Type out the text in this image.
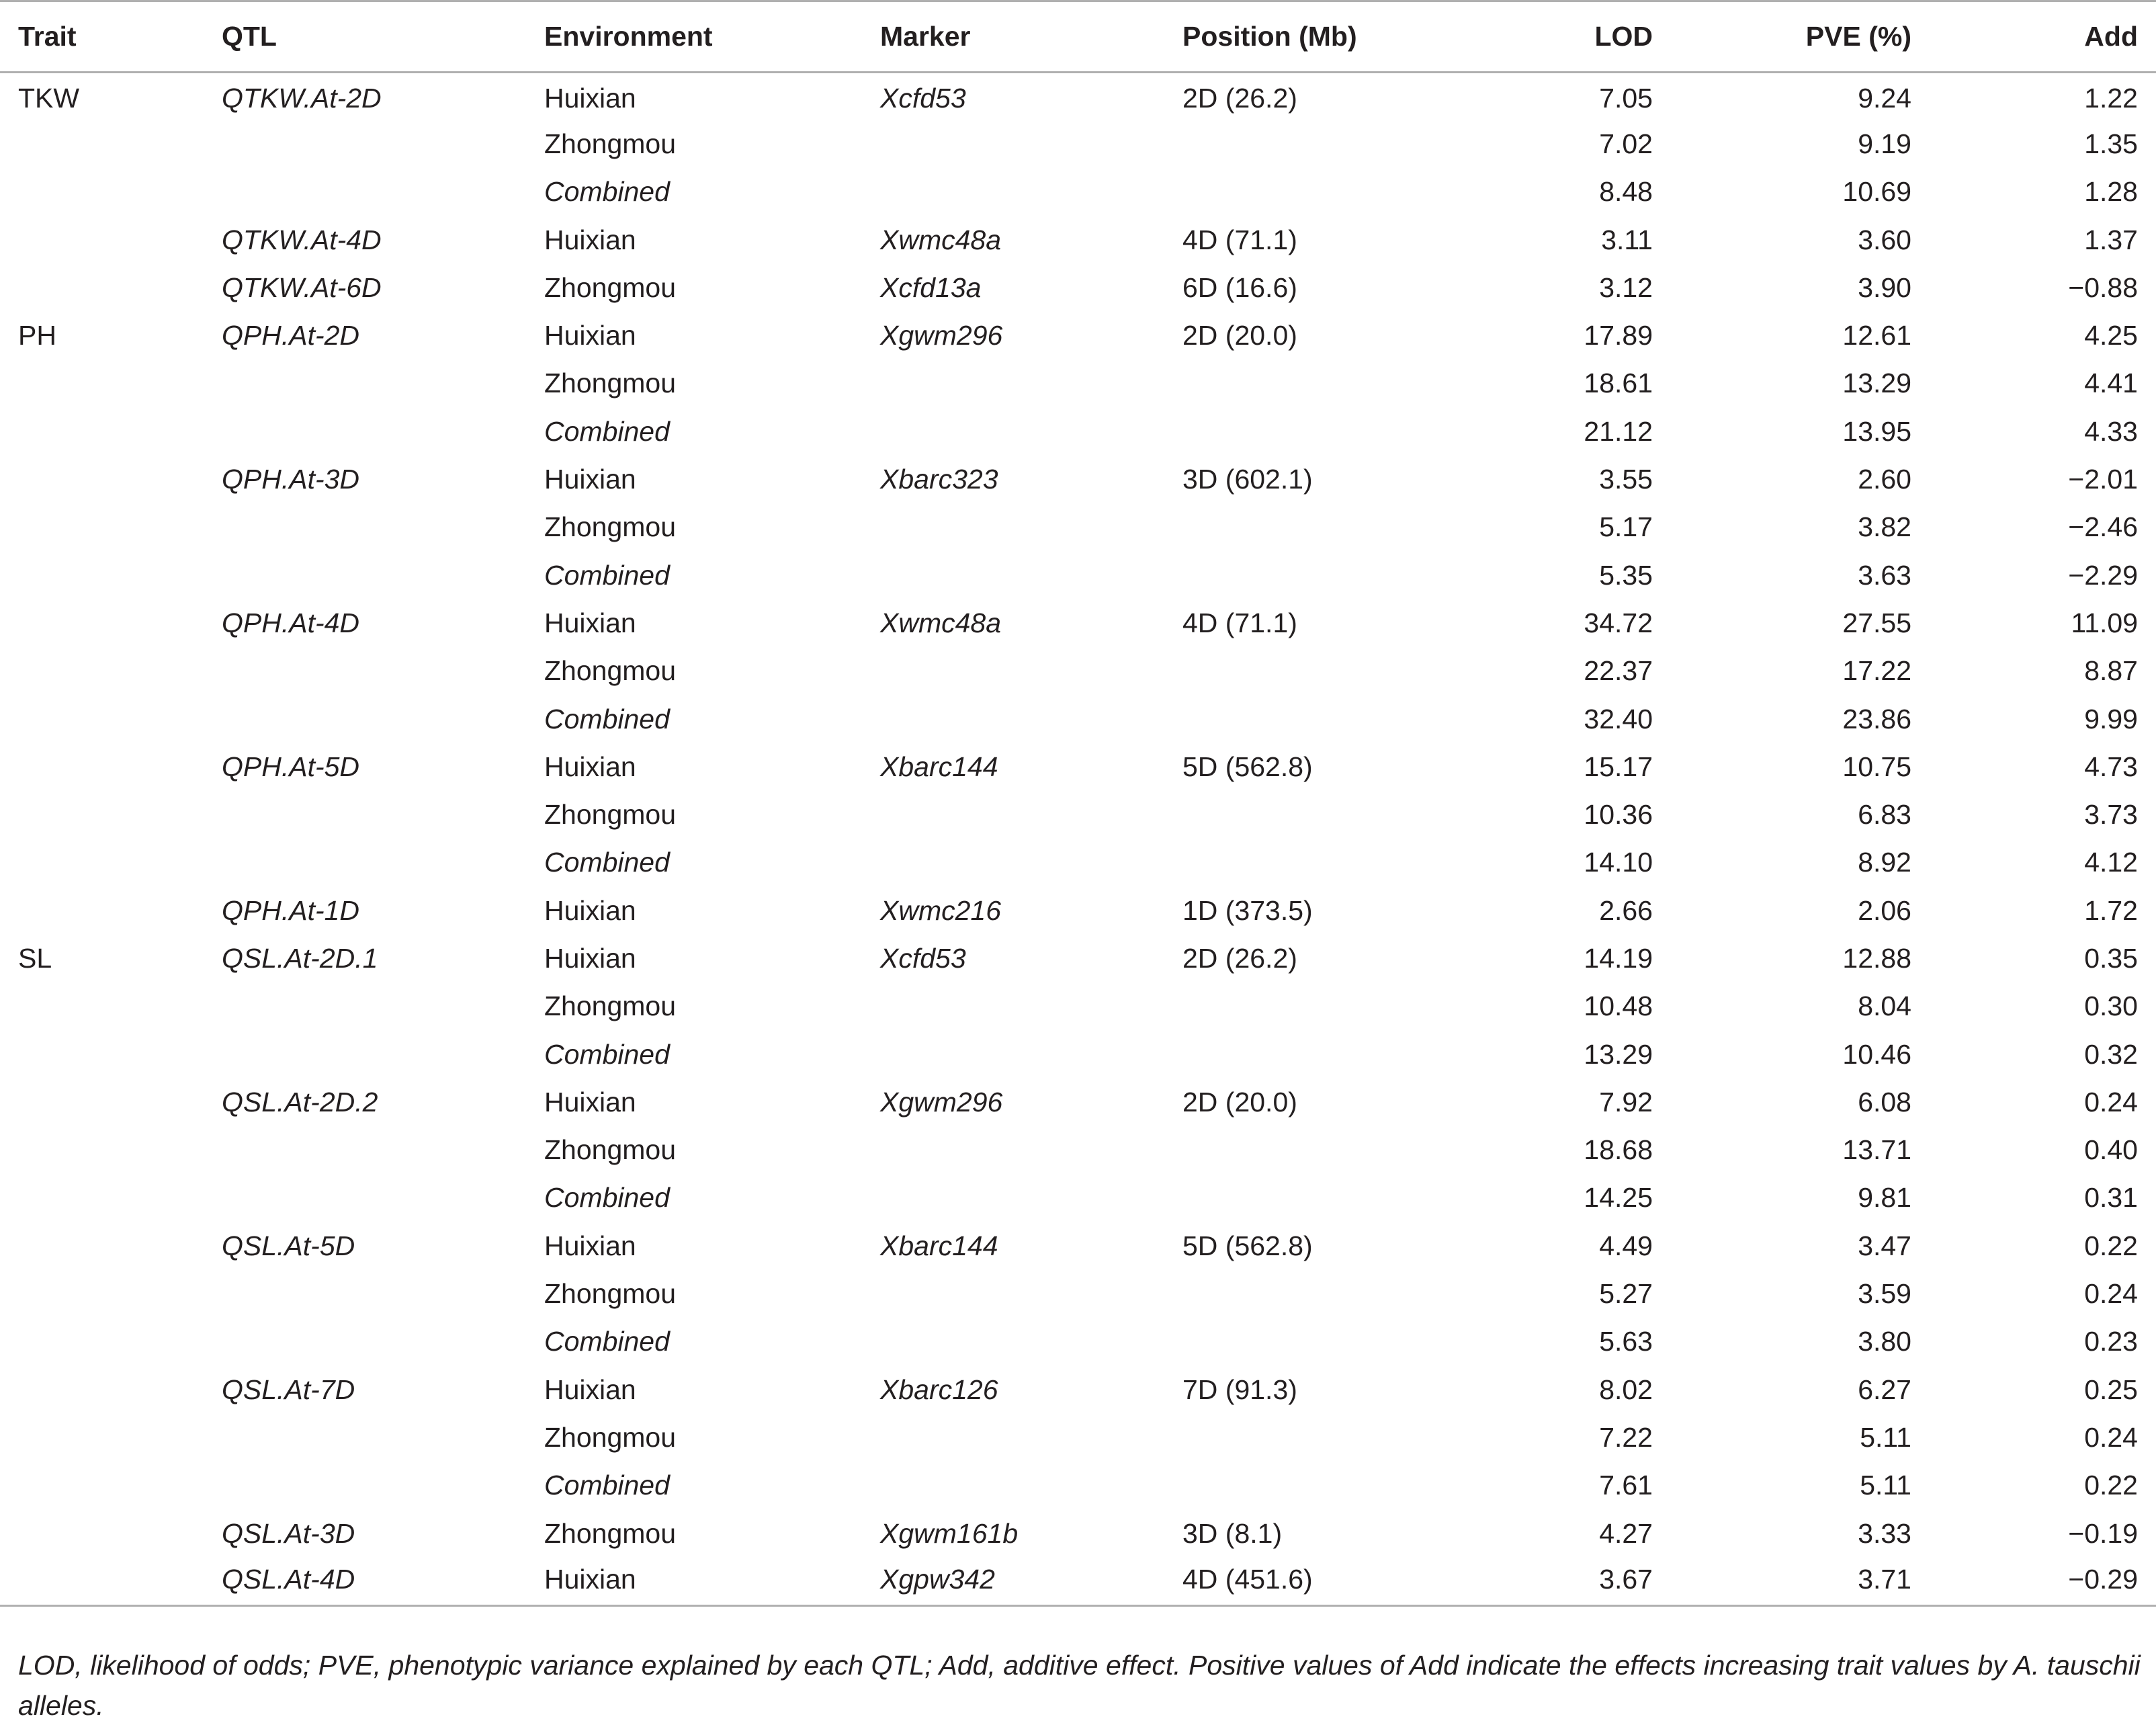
Trait	QTL	Environment	Marker	Position (Mb)	LOD	PVE (%)	Add
TKW	QTKW.At-2D	Huixian	Xcfd53	2D (26.2)	7.05	9.24	1.22
		Zhongmou			7.02	9.19	1.35
		Combined			8.48	10.69	1.28
	QTKW.At-4D	Huixian	Xwmc48a	4D (71.1)	3.11	3.60	1.37
	QTKW.At-6D	Zhongmou	Xcfd13a	6D (16.6)	3.12	3.90	−0.88
PH	QPH.At-2D	Huixian	Xgwm296	2D (20.0)	17.89	12.61	4.25
		Zhongmou			18.61	13.29	4.41
		Combined			21.12	13.95	4.33
	QPH.At-3D	Huixian	Xbarc323	3D (602.1)	3.55	2.60	−2.01
		Zhongmou			5.17	3.82	−2.46
		Combined			5.35	3.63	−2.29
	QPH.At-4D	Huixian	Xwmc48a	4D (71.1)	34.72	27.55	11.09
		Zhongmou			22.37	17.22	8.87
		Combined			32.40	23.86	9.99
	QPH.At-5D	Huixian	Xbarc144	5D (562.8)	15.17	10.75	4.73
		Zhongmou			10.36	6.83	3.73
		Combined			14.10	8.92	4.12
	QPH.At-1D	Huixian	Xwmc216	1D (373.5)	2.66	2.06	1.72
SL	QSL.At-2D.1	Huixian	Xcfd53	2D (26.2)	14.19	12.88	0.35
		Zhongmou			10.48	8.04	0.30
		Combined			13.29	10.46	0.32
	QSL.At-2D.2	Huixian	Xgwm296	2D (20.0)	7.92	6.08	0.24
		Zhongmou			18.68	13.71	0.40
		Combined			14.25	9.81	0.31
	QSL.At-5D	Huixian	Xbarc144	5D (562.8)	4.49	3.47	0.22
		Zhongmou			5.27	3.59	0.24
		Combined			5.63	3.80	0.23
	QSL.At-7D	Huixian	Xbarc126	7D (91.3)	8.02	6.27	0.25
		Zhongmou			7.22	5.11	0.24
		Combined			7.61	5.11	0.22
	QSL.At-3D	Zhongmou	Xgwm161b	3D (8.1)	4.27	3.33	−0.19
	QSL.At-4D	Huixian	Xgpw342	4D (451.6)	3.67	3.71	−0.29
LOD, likelihood of odds; PVE, phenotypic variance explained by each QTL; Add, additive effect. Positive values of Add indicate the effects increasing trait values by A. tauschii alleles.
